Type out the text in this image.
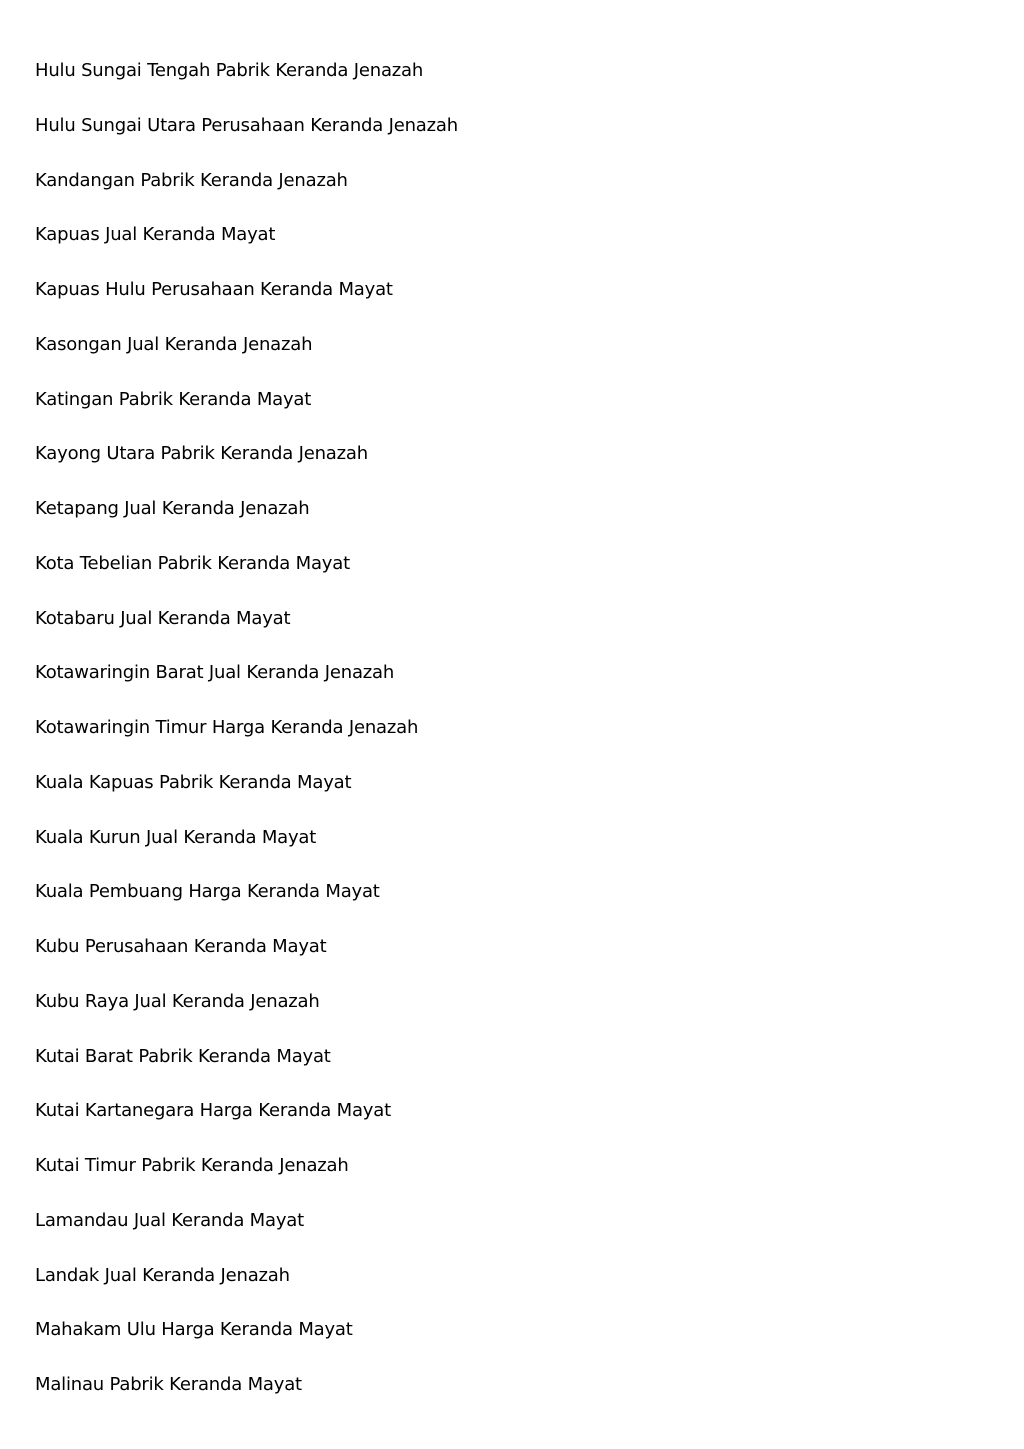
Hulu Sungai Tengah Pabrik Keranda Jenazah
Hulu Sungai Utara Perusahaan Keranda Jenazah
Kandangan Pabrik Keranda Jenazah
Kapuas Jual Keranda Mayat
Kapuas Hulu Perusahaan Keranda Mayat
Kasongan Jual Keranda Jenazah
Katingan Pabrik Keranda Mayat
Kayong Utara Pabrik Keranda Jenazah
Ketapang Jual Keranda Jenazah
Kota Tebelian Pabrik Keranda Mayat
Kotabaru Jual Keranda Mayat
Kotawaringin Barat Jual Keranda Jenazah
Kotawaringin Timur Harga Keranda Jenazah
Kuala Kapuas Pabrik Keranda Mayat
Kuala Kurun Jual Keranda Mayat
Kuala Pembuang Harga Keranda Mayat
Kubu Perusahaan Keranda Mayat
Kubu Raya Jual Keranda Jenazah
Kutai Barat Pabrik Keranda Mayat
Kutai Kartanegara Harga Keranda Mayat
Kutai Timur Pabrik Keranda Jenazah
Lamandau Jual Keranda Mayat
Landak Jual Keranda Jenazah
Mahakam Ulu Harga Keranda Mayat
Malinau Pabrik Keranda Mayat
